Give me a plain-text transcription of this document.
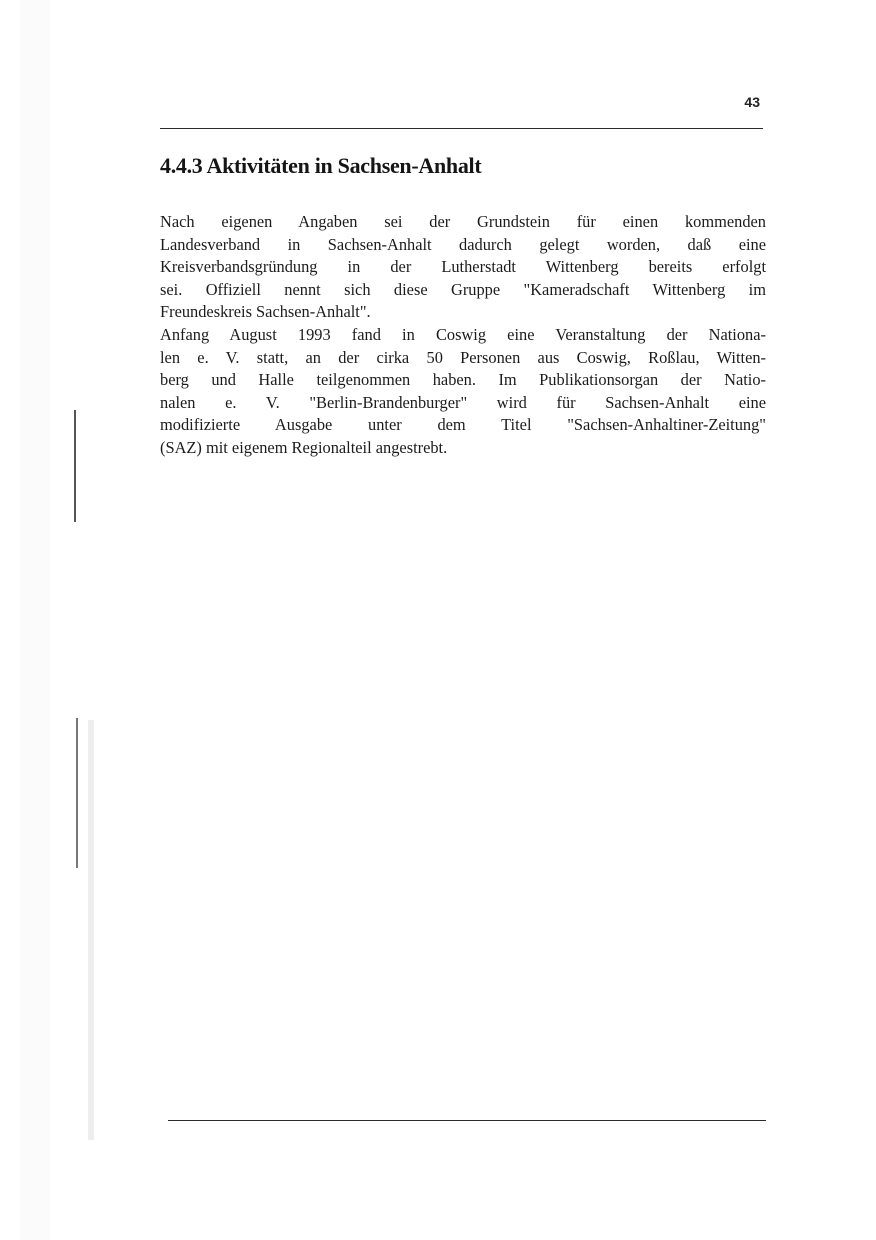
43
4.4.3 Aktivitäten in Sachsen-Anhalt
Nach eigenen Angaben sei der Grundstein für einen kommenden
Landesverband in Sachsen-Anhalt dadurch gelegt worden, daß eine
Kreisverbandsgründung in der Lutherstadt Wittenberg bereits erfolgt
sei. Offiziell nennt sich diese Gruppe "Kameradschaft Wittenberg im
Freundeskreis Sachsen-Anhalt".
Anfang August 1993 fand in Coswig eine Veranstaltung der Nationa-
len e. V. statt, an der cirka 50 Personen aus Coswig, Roßlau, Witten-
berg und Halle teilgenommen haben. Im Publikationsorgan der Natio-
nalen e. V. "Berlin-Brandenburger" wird für Sachsen-Anhalt eine
modifizierte Ausgabe unter dem Titel "Sachsen-Anhaltiner-Zeitung"
(SAZ) mit eigenem Regionalteil angestrebt.
